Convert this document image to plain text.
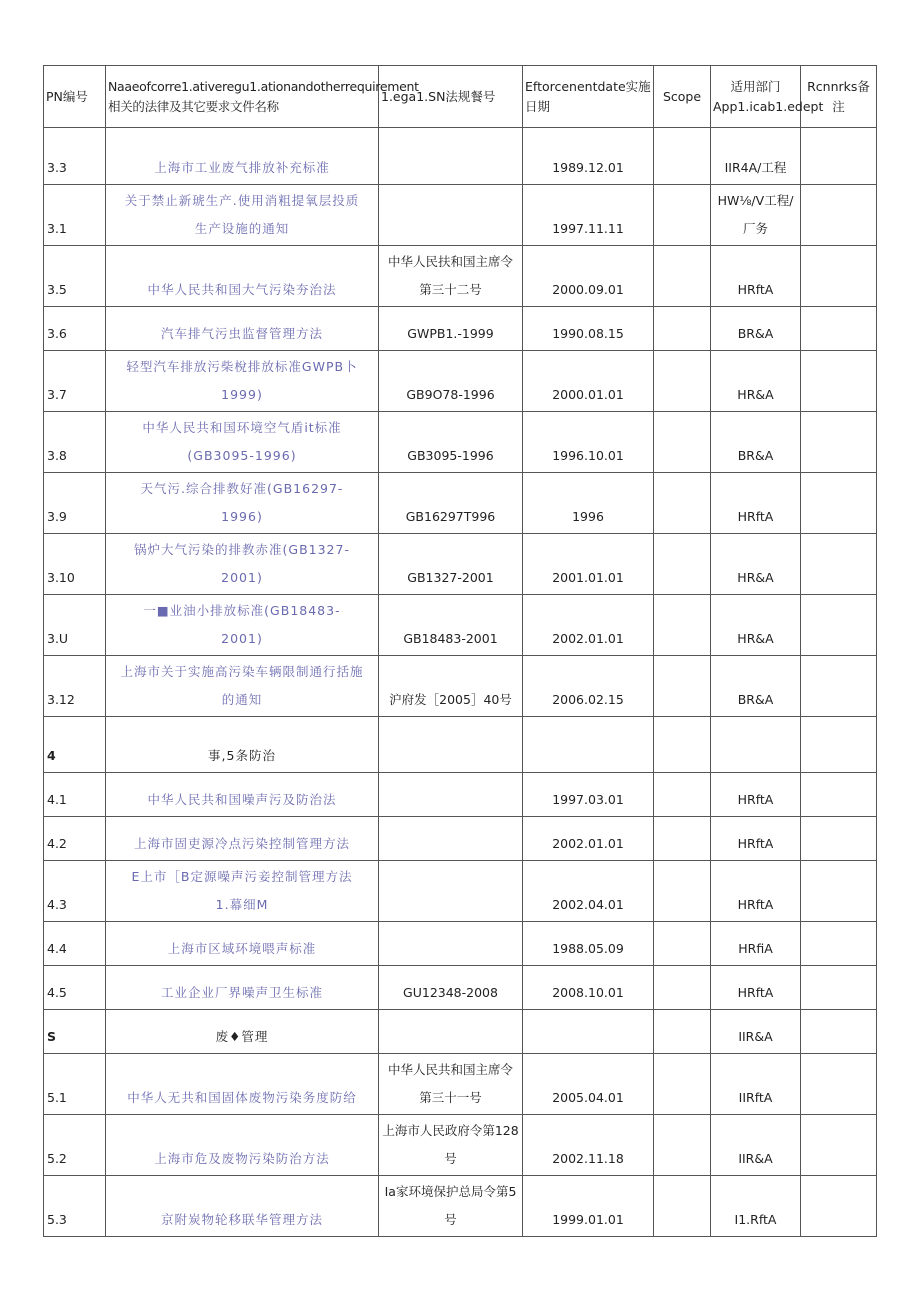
PN编号	Naaeofcorre1.ativeregu1.ationandotherrequirement相关的法律及其它要求文件名称	1.ega1.SN法规餐号	Eftorcenentdate实施日期	Scope	适用部门App1.icab1.edept	Rcnnrks备注
3.3	上海市工业废气排放补充标准		1989.12.01		IIR4A/工程	
3.1	关于禁止新琥生产.使用消粗提氧层投质
生产设施的通知		1997.11.11		HW⅛/V工程/厂务	
3.5	中华人民共和国大气污染夯治法	中华人民扶和国主席令第三十二号	2000.09.01		HRftA	
3.6	汽车排气污虫监督管理方法	GWPB1.-1999	1990.08.15		BR&A	
3.7	轻型汽车排放污柴梲排放标准GWPB卜
1999)	GB9O78-1996	2000.01.01		HR&A	
3.8	中华人民共和国环境空气盾it标准
(GB3095-1996)	GB3095-1996	1996.10.01		BR&A	
3.9	天气污.综合排教好准(GB16297-
1996)	GB16297T996	1996		HRftA	
3.10	锅炉大气污染的排教赤准(GB1327-
2001)	GB1327-2001	2001.01.01		HR&A	
3.U	一■业油小排放标准(GB18483-
2001)	GB18483-2001	2002.01.01		HR&A	
3.12	上海市关于实施高污染车辆限制通行括施
的通知	沪府发［2005］40号	2006.02.15		BR&A	
4	事,5条防治					

4.1	中华人民共和国噪声污及防治法		1997.03.01		HRftA	
4.2	上海市固吏源冷点污染控制管理方法		2002.01.01		HRftA	
4.3	E上市［B定源噪声污妾控制管理方法
1.幕细M		2002.04.01		HRftA	
4.4	上海市区域环境喂声标准		1988.05.09		HRfiA	
4.5	工业企业厂界噪声卫生标准	GU12348-2008	2008.10.01		HRftA	
S	废♦管理				IIR&A	
5.1	中华人无共和国固体废物污染务度防给	中华人民共和国主席令第三十一号	2005.04.01		IIRftA	
5.2	上海市危及废物污染防治方法	上海市人民政府令第128号	2002.11.18		IIR&A	
5.3	京附炭物轮移联华管理方法	Ia家环境保护总局令第5号	1999.01.01		I1.RftA	
